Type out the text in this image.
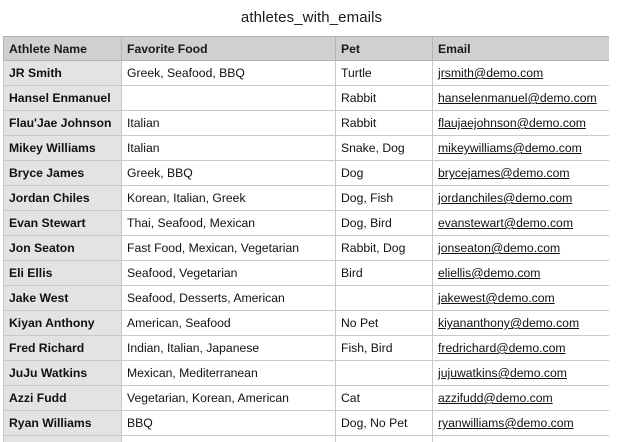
athletes_with_emails
Athlete Name	Favorite Food	Pet	Email
JR Smith	Greek, Seafood, BBQ	Turtle	jrsmith@demo.com
Hansel Enmanuel		Rabbit	hanselenmanuel@demo.com
Flau'Jae Johnson	Italian	Rabbit	flaujaejohnson@demo.com
Mikey Williams	Italian	Snake, Dog	mikeywilliams@demo.com
Bryce James	Greek, BBQ	Dog	brycejames@demo.com
Jordan Chiles	Korean, Italian, Greek	Dog, Fish	jordanchiles@demo.com
Evan Stewart	Thai, Seafood, Mexican	Dog, Bird	evanstewart@demo.com
Jon Seaton	Fast Food, Mexican, Vegetarian	Rabbit, Dog	jonseaton@demo.com
Eli Ellis	Seafood, Vegetarian	Bird	eliellis@demo.com
Jake West	Seafood, Desserts, American		jakewest@demo.com
Kiyan Anthony	American, Seafood	No Pet	kiyananthony@demo.com
Fred Richard	Indian, Italian, Japanese	Fish, Bird	fredrichard@demo.com
JuJu Watkins	Mexican, Mediterranean		jujuwatkins@demo.com
Azzi Fudd	Vegetarian, Korean, American	Cat	azzifudd@demo.com
Ryan Williams	BBQ	Dog, No Pet	ryanwilliams@demo.com
